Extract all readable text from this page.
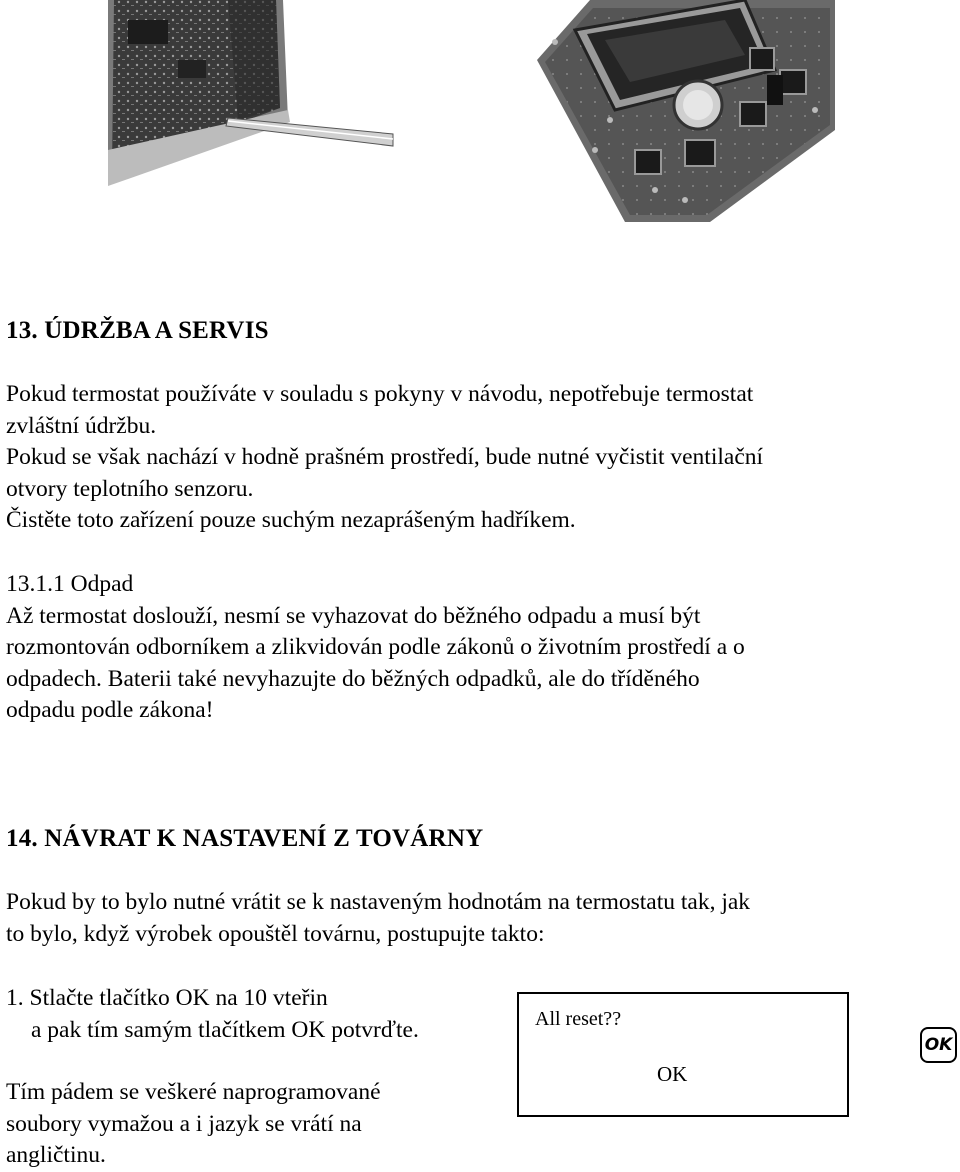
13. ÚDRŽBA A SERVIS
Pokud termostat používáte v souladu s pokyny v návodu, nepotřebuje termostat
zvláštní údržbu.
Pokud se však nachází v hodně prašném prostředí, bude nutné vyčistit ventilační
otvory teplotního senzoru.
Čistěte toto zařízení pouze suchým nezaprášeným hadříkem.
13.1.1 Odpad
Až termostat doslouží, nesmí se vyhazovat do běžného odpadu a musí být
rozmontován odborníkem a zlikvidován podle zákonů o životním prostředí a o
odpadech. Baterii také nevyhazujte do běžných odpadků, ale do tříděného
odpadu podle zákona!
14. NÁVRAT K NASTAVENÍ Z TOVÁRNY
Pokud by to bylo nutné vrátit se k nastaveným hodnotám na termostatu tak, jak
to bylo, když výrobek opouštěl továrnu, postupujte takto:
1. Stlačte tlačítko OK na 10 vteřin
a pak tím samým tlačítkem OK potvrďte.
Tím pádem se veškeré naprogramované
soubory vymažou a i jazyk se vrátí na
angličtinu.
All reset??
OK
OK
